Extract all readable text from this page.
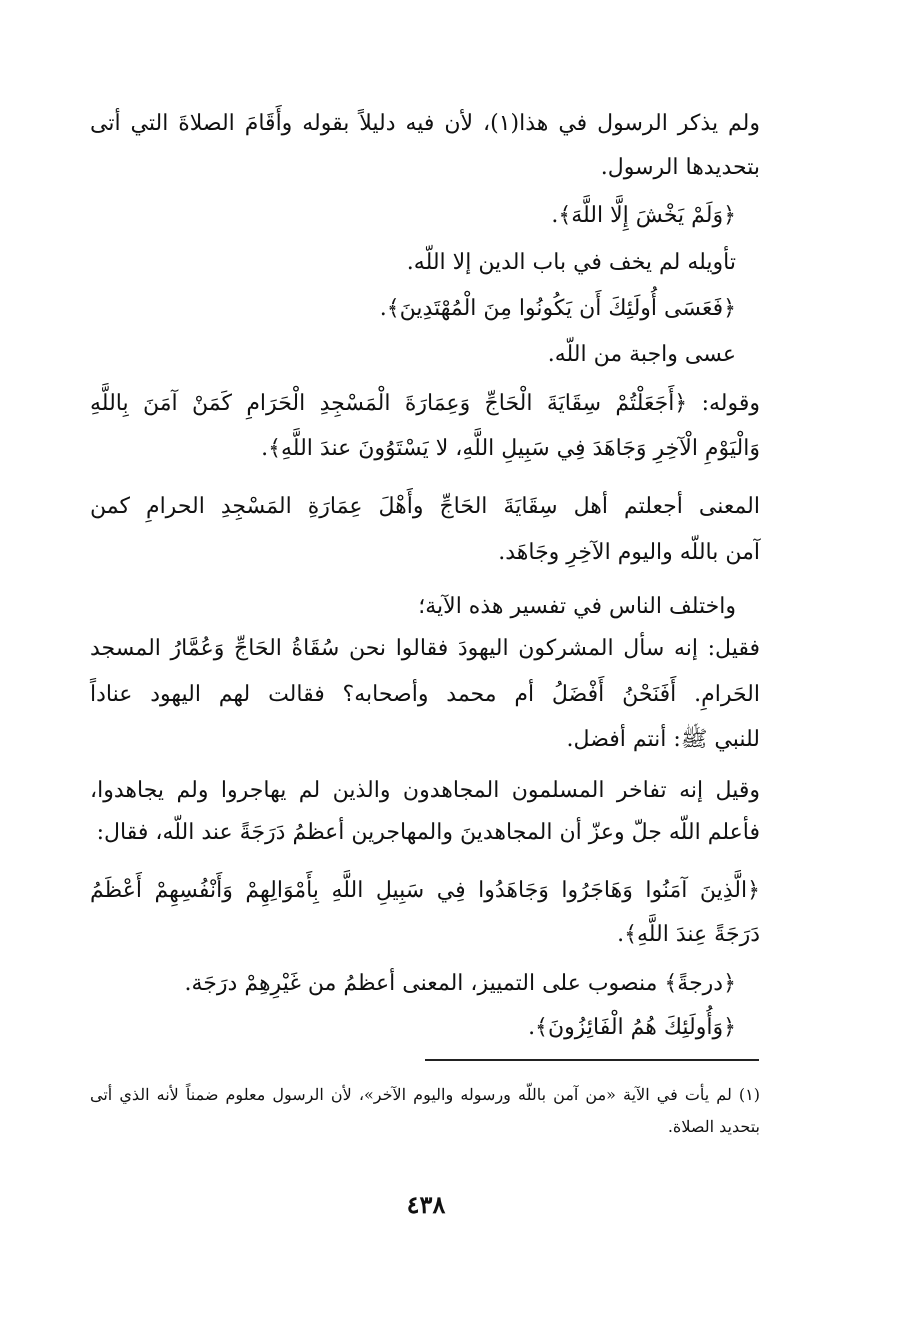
ولم يذكر الرسول في هذا(١)، لأن فيه دليلاً بقوله وأَقَامَ الصلاةَ التي أتى
بتحديدها الرسول.
﴿وَلَمْ يَخْشَ إِلَّا اللَّهَ﴾.
تأويله لم يخف في باب الدين إلا اللّه.
﴿فَعَسَى أُولَئِكَ أَن يَكُونُوا مِنَ الْمُهْتَدِينَ﴾.
عسى واجبة من اللّه.
وقوله: ﴿أَجَعَلْتُمْ سِقَايَةَ الْحَاجِّ وَعِمَارَةَ الْمَسْجِدِ الْحَرَامِ كَمَنْ آمَنَ بِاللَّهِ
وَالْيَوْمِ الْآخِرِ وَجَاهَدَ فِي سَبِيلِ اللَّهِ، لا يَسْتَوُونَ عندَ اللَّهِ﴾.
المعنى أجعلتم أهل سِقَايَةَ الحَاجِّ وأَهْلَ عِمَارَةِ المَسْجِدِ الحرامِ كمن
آمن باللّه واليوم الآخِرِ وجَاهَد.
واختلف الناس في تفسير هذه الآية؛
فقيل: إنه سأل المشركون اليهودَ فقالوا نحن سُقَاةُ الحَاجِّ وَعُمَّارُ المسجد
الحَرامِ. أَفَنَحْنُ أَفْضَلُ أم محمد وأصحابه؟ فقالت لهم اليهود عناداً
للنبي ﷺ: أنتم أفضل.
وقيل إنه تفاخر المسلمون المجاهدون والذين لم يهاجروا ولم يجاهدوا،
فأعلم اللّه جلّ وعزّ أن المجاهدينَ والمهاجرين أعظمُ دَرَجَةً عند اللّه، فقال:
﴿الَّذِينَ آمَنُوا وَهَاجَرُوا وَجَاهَدُوا فِي سَبِيلِ اللَّهِ بِأَمْوَالِهِمْ وَأَنْفُسِهِمْ أَعْظَمُ
دَرَجَةً عِندَ اللَّهِ﴾.
﴿درجةً﴾ منصوب على التمييز، المعنى أعظمُ من غَيْرِهِمْ درَجَة.
﴿وَأُولَئِكَ هُمُ الْفَائِزُونَ﴾.
(١) لم يأت في الآية «من آمن باللّه ورسوله واليوم الآخر»، لأن الرسول معلوم ضمناً لأنه الذي أتى
بتحديد الصلاة.
٤٣٨
